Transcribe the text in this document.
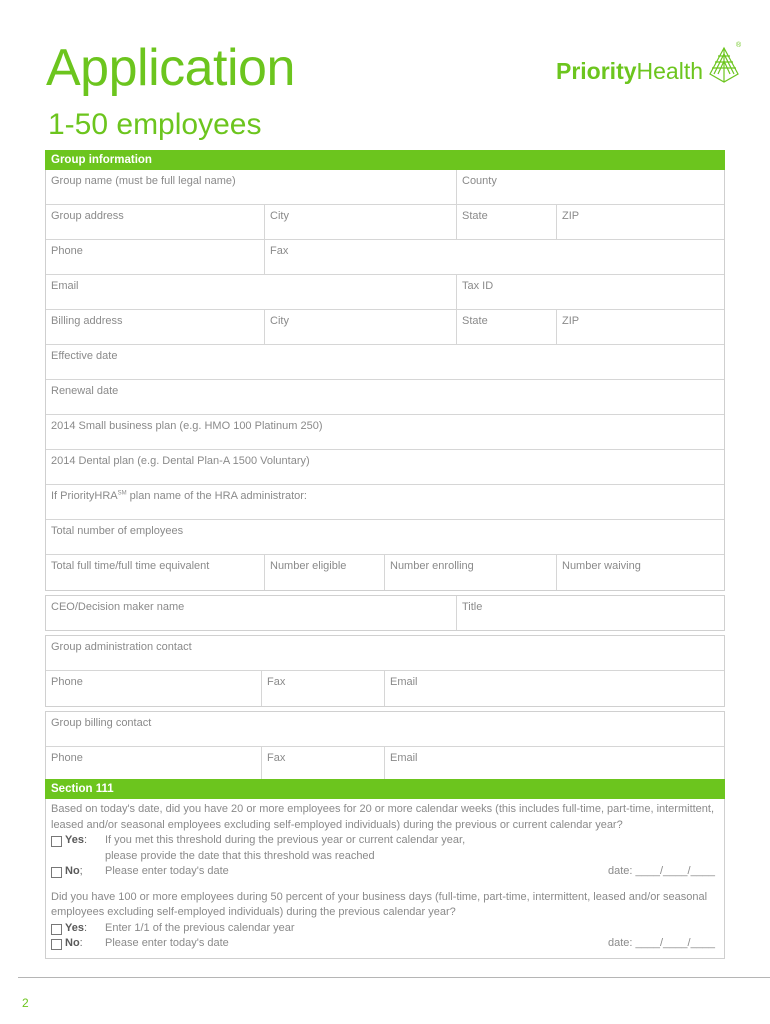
Application
1-50 employees
PriorityHealth
®
Group information
Group name (must be full legal name)	County
Group address	City	State	ZIP
Phone	Fax
Email	Tax ID
Billing address	City	State	ZIP
Effective date
Renewal date
2014 Small business plan (e.g. HMO 100 Platinum 250)
2014 Dental plan (e.g. Dental Plan-A 1500 Voluntary)
If PriorityHRA℠ plan name of the HRA administrator:
Total number of employees
Total full time/full time equivalent	Number eligible	Number enrolling	Number waiving
CEO/Decision maker name	Title
Group administration contact
Phone	Fax	Email
Group billing contact
Phone	Fax	Email
Section 111

Based on today's date, did you have 20 or more employees for 20 or more calendar weeks (this includes full-time, part-time, intermittent, leased and/or seasonal employees excluding self-employed individuals) during the previous or current calendar year?

Yes:	If you met this threshold during the previous year or current calendar year,
please provide the date that this threshold was reached
No;	Please enter today's date	date: ____/____/____

Did you have 100 or more employees during 50 percent of your business days (full-time, part-time, intermittent, leased and/or seasonal employees excluding self-employed individuals) during the previous calendar year?

Yes:	Enter 1/1 of the previous calendar year
No:	Please enter today's date	date: ____/____/____
2
